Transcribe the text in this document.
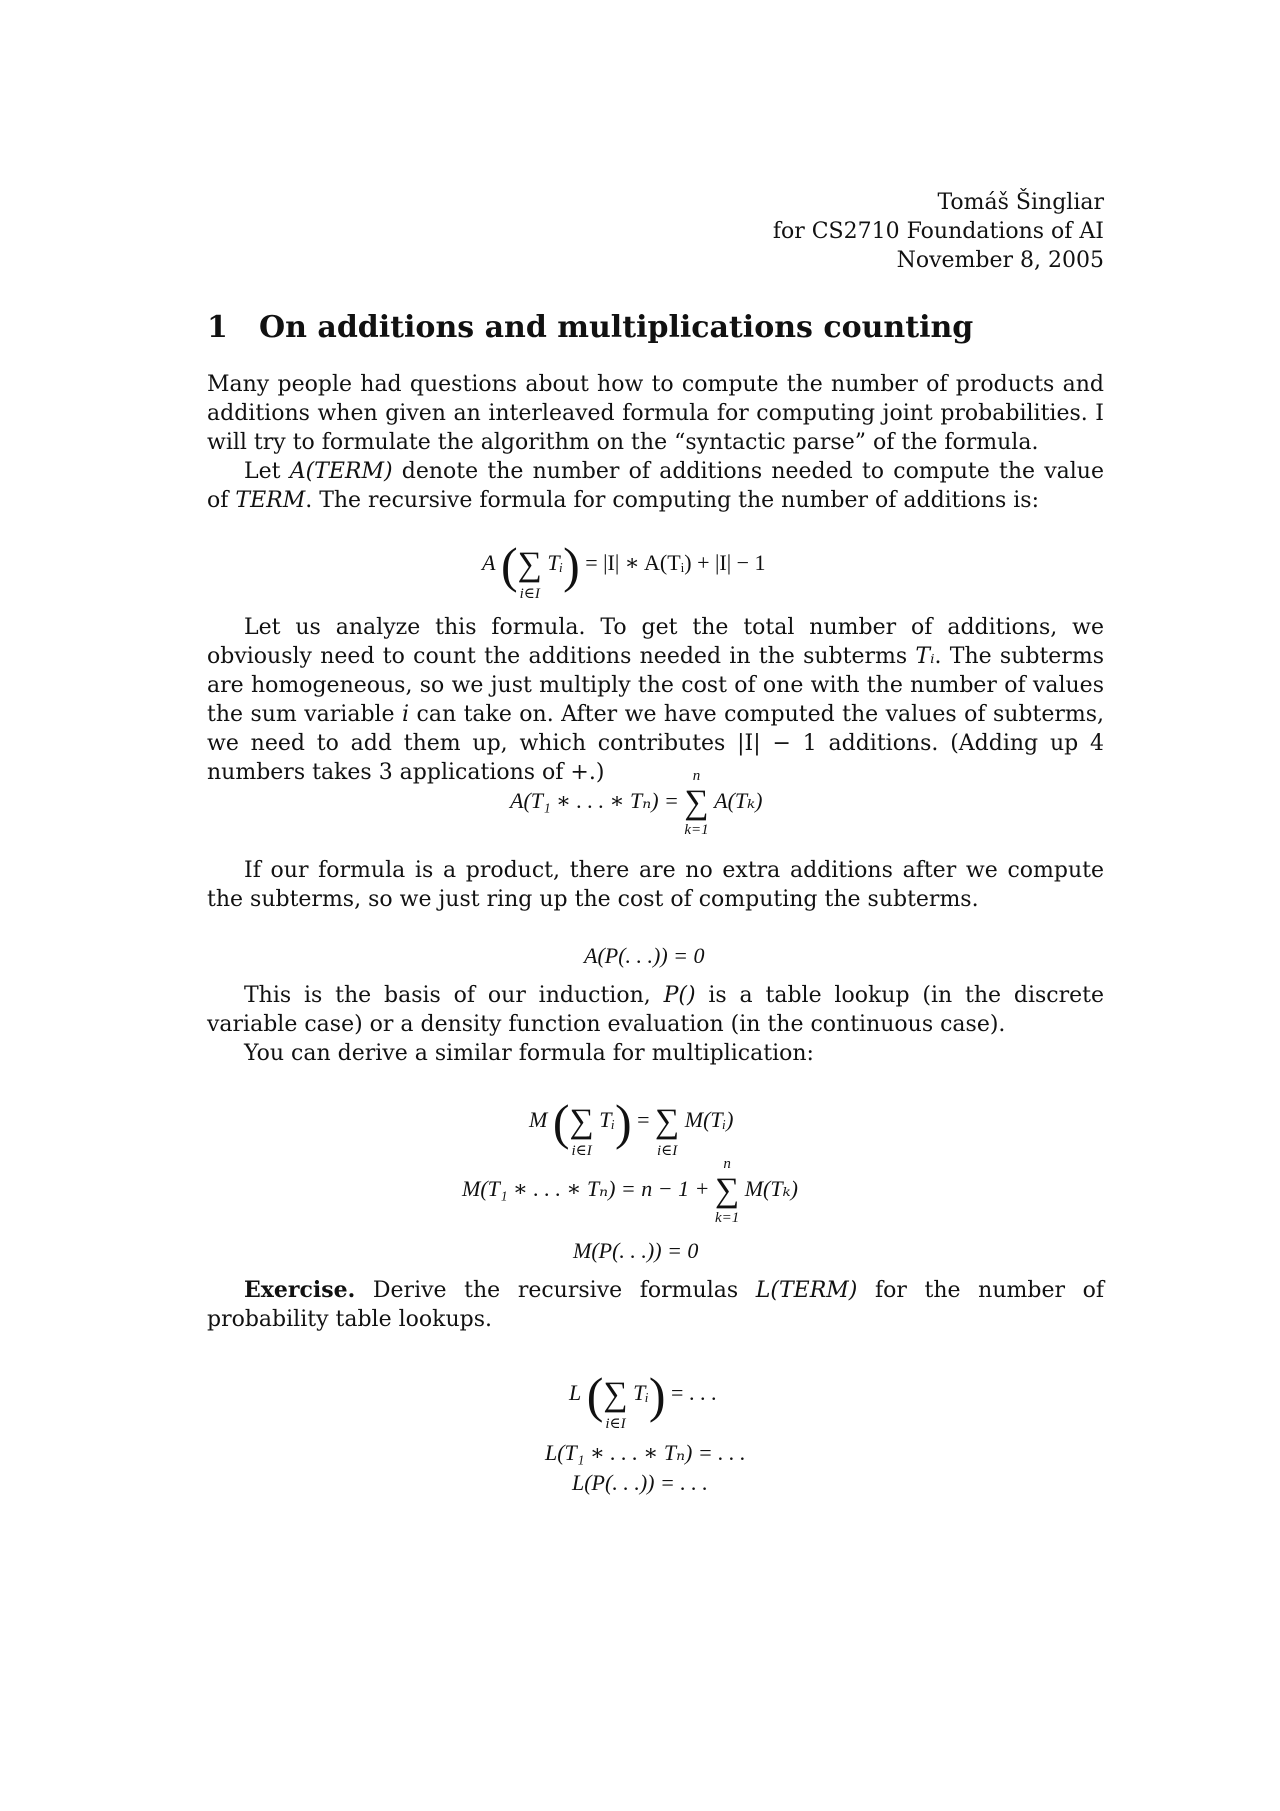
Tomáš Šingliar
for CS2710 Foundations of AI
November 8, 2005
1 On additions and multiplications counting

Many people had questions about how to compute the number of products and additions when given an interleaved formula for computing joint probabilities. I will try to formulate the algorithm on the “syntactic parse” of the formula.

Let A(TERM) denote the number of additions needed to compute the value of TERM. The recursive formula for computing the number of additions is:

A (∑
i∈I
Tᵢ) = |I| ∗ A(Tᵢ) + |I| − 1

Let us analyze this formula. To get the total number of additions, we obviously need to count the additions needed in the subterms Tᵢ. The subterms are homogeneous, so we just multiply the cost of one with the number of values the sum variable i can take on. After we have computed the values of subterms, we need to add them up, which contributes |I| − 1 additions. (Adding up 4 numbers takes 3 applications of +.)

A(T₁ ∗ . . . ∗ Tₙ) =
n
∑
k=1
A(Tₖ)

If our formula is a product, there are no extra additions after we compute the subterms, so we just ring up the cost of computing the subterms.

A(P(. . .)) = 0

This is the basis of our induction, P() is a table lookup (in the discrete variable case) or a density function evaluation (in the continuous case).

You can derive a similar formula for multiplication:

M (∑
i∈I
Tᵢ) = ∑
i∈I
M(Tᵢ)
M(T₁ ∗ . . . ∗ Tₙ) = n − 1 +
n
∑
k=1
M(Tₖ)
M(P(. . .)) = 0

Exercise. Derive the recursive formulas L(TERM) for the number of probability table lookups.

L (∑
i∈I
Tᵢ) = . . .
L(T₁ ∗ . . . ∗ Tₙ) = . . .
L(P(. . .)) = . . .
